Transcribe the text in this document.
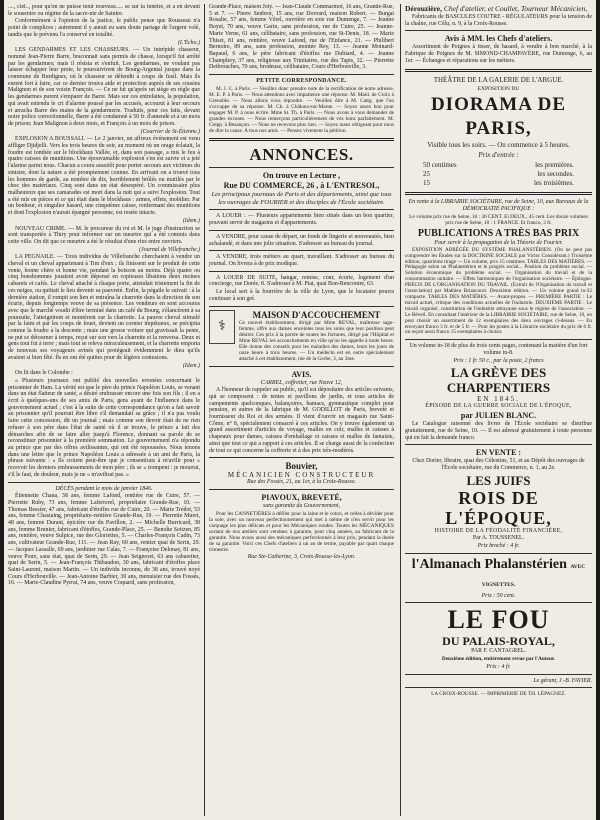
...., ciel.., pour qu'on ne puisse tenir nouveau..... se sur la fenêtre, et a en devant le sousentre ou régime de la sacre-nie de Saintre.

Conformément à l'opinion de la justice, le public pense que Rousseau n'a point de complices ; autrement il y aurait eu sans doute partage de l'argent volé, tandis que le prévenu l'a conservé en totalité.

(L'Écho.)

LES GENDARMES ET LES CHASSEURS. — Un intrépide chasseur, nommé Jean-Pierre Barre, braconnait sans permis de chasse, lorsqu'il fut arrêté par les gendarmes; mais il résista et s'enfuit. Les gendarmes, ne voulant pas laisser échapper leur proie, le poursuivirent de Bourg-Argental jusque dans la commune de Burdignes, où le chasseur se défendit à coups de fusil. Mais ils eurent fort à faire, car ce dernier trouva aide et protection auprès de ses cousins Malignon et de son voisin François. — Ce ne fut qu'après un siège en règle que les gendarmes purent s'emparer de Barre. Mais sur ces entrefaites, la population, qui avait entendu le cri d'alarme poussé par les accusés, accourut à leur secours et arracha Barre des mains de la gendarmerie. Traduits, pour ces faits, devant notre police correctionnelle, Barre a été condamné à 50 fr. d'amende et à un mois de prison; Jean Malignon à deux mois, et François à un mois de prison.

(Courrier de St-Étienne.)

EXPLOSION A BOUSSALI. — Le 2 janvier, un affreux événement est venu affliger Djidjelli. Vers les trois heures du soir, au moment où un orage éclatait, la foudre est tombée sur le blockhaus Vallée, et, dans son passage, a mis le feu à quatre caisses de munitions. Une épouvantable explosion s'en est suivie et a jeté l'alarme parmi nous. Chacun a couru aussitôt pour porter secours aux victimes du sinistre, dont la nature a été promptement connue. En arrivant on a trouvé tous les hommes de garde, au nombre de dix, horriblement brûlés ou mutilés par le choc des matériaux. Cinq sont dans un état désespéré. Un commissaire plus malheureux que ses camarades est mort dans la nuit qui a suivi l'explosion. Tout a été mis en pièces et ce qui était dans le blockhaus : armes, effets, mobilier. Par un bonheur, et singulier hasard, une cinquième caisse, renfermant des munitions et dont l'explosion n'aurait épargné personne, est restée intacte.

(Idem.)

NOUVEAU CRIME. — M. le procureur du roi et M. le juge d'instruction se sont transportés à Thiry pour informer sur un meurtre qui a été commis dans cette ville. On dit que ce meurtre a été le résultat d'une rixe entre ouvriers.

(Journal de Villefranche.)

LA PEGNAILE. — Trois individus de Villefranche cherchaient à vendre un cheval et un cheval appartenant à Tim d'eux ; ils finissent sur le produit de cette vente, bonne chère et bonne vie, pendant la boisson au moins. Déjà quatre ou cinq bonshommes jouaient avoir dépensé en copieuses libations deux moines cabarets et cafés. Le cheval attaché à chaque porte, attendait tristement la fin de ces neiges, ou quittait le lieu devenir sa pauvreté. Enfin, la pégaile le suivait : à la dernière station, il rompit son lien et entraîna la charrette dans la direction de son écurie, depuis longtemps veuve de sa présence. Les vendeurs en sont accourus avec que le marché voudit d'être terminé dans un café du Bourg, s'élancèrent à sa poursuite, l'atteignirent et montèrent sur la charrette. La pauvre cheval stimulé par la faim et par les coups de fouet, devient un cornier impétueux, se précipita comme la foudre à la descente ; mais une grosse voiture qui gravissait la pente, ne put se détourner à temps, reçut sur son vers la charrette et la renversa. Deux et gens tout fut à terre ; mais tout se releva miraculeusement, et la charrette emporta de nouveau ses voyageurs avinés qui protégeait évidemment le dieu qu'ils avaient si bien fêté. Ils en ont été quittes pour de légères contusions.

(Idem.)

On lit dans le Colombe :

« Plusieurs journaux ont publié des nouvelles erronées concernant le prisonnier de Ham. La vérité est que le père du prince Napoléon Louis, se venant dans un état flatteur de santé, a désiré embrasser encore une fois son fils ; il en a écrit à quelques-uns de ses amis de Paris, gens ayant de l'influence dans le gouvernement actuel ; c'est à la suite de cette correspondance qu'on a fait savoir au prisonnier qu'il pourrait être libre s'il demandait sa grâce ; il n'a pas voulu faire cette concession, dit un journal ; mais comme son devoir était de ne rien refuser à son père dans l'état de santé où il se trouve, le prince a fait des démarches afin de se faire aller jusqu'à Florence, donnant sa parole de se reconstituer prisonnier à la première sommation. Le gouvernement n'a répondu au prince que par des offres avilissantes, qui ont été repoussées. Nous tenons dans une lettre que le prince Napoléon Louis a adressée à un ami de Paris, la phrase suivante : « Ils croient peut-être que je consentirais à m'avilir pour « recevoir les derniers embrassements de mon père ; ils se « trompent : je mourrai, s'il le faut, de douleur, mais je ne « m'avilirai pas. »

DÉCÈS pendant le mois de janvier 1846.

Étiennette Chana, 38 ans, femme Lafond, rentière rue de Cuire, 57. — Pierrette Ruby, 73 ans, femme Laferrerel, propriétaire Grande-Rue, 10. — Thomas Bessier, 47 ans, fabricant d'étoffes rue de Cuire, 20. — Marie Trédot, 53 ans, femme Chastaing, propriétaire-rentière Grande-Rue, 19. — Pierrette Muret, 48 ans, femme Durant, épicière rue du Pavillon, 2. — Michelle Burricard, 38 ans, femme Brunier, fabricant d'étoffes, Grande-Place, 25. — Benoîte Seitzen, 85 ans, rentière, veuve Sulpice, rue des Gloriettes, 5. — Charles-François Cadin, 73 ans, cultivateur Grande-Rue, 111. — Jean Ray, 60 ans, rentier quai de Serin, 29. — Jacques Lassalle, 69 ans, jardinier rue Calas, 7. — Françoise Delonay, 81 ans, veuve Poux, sans état, quai de Serin, 29. — Jean Seignoret, 63 ans cabaretier, quai de Serin, 5. — Jean-François Thibaudon, 30 ans, fabricant d'étoffes place Saint-Laurent, maison Martin. — Un individu inconnu, de 38 ans, trouvé noyé Cours d'Herbouville. — Jean-Antoine Barbier, 30 ans, menuisier rue des Fossés, 16. — Marie-Claudine Pyrrat, 74 ans, veuve Coquard, sans profession,

Grande-Place, maison Joly. — Jean-Claude Commarmot, 16 ans, Grande-Rue, 5 et 7. — Pierre Senbrot, 15 ans, rue Dovrard, maison Robert. — Burgat Rosalie, 57 ans, femme Vérel, ouvrière en soie rue Dumenge, 7. — Jeanne Boyet, 70 ans, veuve Garin, sans profession, rue de Cuire, 25. — Jeanne-Marie Verne, 61 ans, célibataire, sans profession, rue St-Denis, 18. — Marie Thiset, 81 ans, rentière, veuve Lafond, rue de l'Enfance, 21. — Philibert Bernoire, 89 ans, sans profession, montée Rey, 13. — Jeanne Moinard-Bapaud, 6 ans, le père fabricant d'étoffes rue Dubiard, 4. — Jeanne Champlery, 37 ans, religieuse aux Trinitaires, rue des Tapis, 32. — Pierrette Detbrouches, 70 ans, brodeuse, célibataire, Cours d'Herbouville, 3.

PETITE CORRESPONDANCE.

M. J. C. à Paris. — Veuillez donc prendre note de la rectification de notre adresse. M. E. P. à Paris. — Nous attendons avec impatience une réponse. M. Maid. de Croix à Grenoble. — Nous allons vous répondre. — Veuillez dire à M. Cattg. que l'on s'occuppe de sa réponse. M. Ch. à Châlons-sur-Marne. — Soyez assez bon pour engager M. P. à nous écrire. Mme St. Th. à Paris. — Nous avons à vous demander de grandes excuses. — Nous remerçons particulièrement de vos bons parfaitement. M. Crepp. à Besançon. — Nous ne recevons plus rien. — Soyez assez obligeant pour nous de dire la cause. A tous nos amis. — Pensez vivement la pétition.

ANNONCES.
On trouve en Lecture ,
Rue DU COMMERCE, 26 , à L'ENTRESOL,

Les principaux journaux de Paris et des départements, ainsi que tous les ouvrages de FOURIER et des disciples de l'École sociétaire.

A LOUER : — Plusieurs appartements bien situés dans un bon quartier, pouvant servir de magasins et d'appartements.

A VENDRE, pour cause de départ, un fonds de lingerie et nouveautés, bien achalandé, et dans une jolie situation. S'adresser au bureau du journal.

A VENDRE, trois métiers au quart, travaillant. S'adresser au bureau du journal. On livrera à de prix modique.

A LOUER DE SUITE, hangar, remise, cour, écurie, logement d'un concierge, rue Dorée, 8. S'adresser à M. Piat, quai Bon-Rencontre, 63.

Le local sert à la fourrière de la ville de Lyon, que le locataire pourra continuer à son gré.

⚕
MAISON D'ACCOUCHEMENT

Ce nouvel établissement, dirigé par Mme REVAL, maîtresse sage-femme, offre aux dames enceintes tous les soins que leur position peut désirer. Ces prix à la portée de toutes les fortunes, dirigé par l'Hôpital et Mme REVAL les accouchements en ville qu'on les appelle à toute heure. Elle donne des conseils pour les maladies des dames, leurs les jours de onze heure à trois heures. — Un médecin est en outre spécialement attaché à cet établissement, rue de la Gerbe, 3, au 3me.

AVIS.

CARREL, coffretier, rue Neuve 12,

A l'honneur de rappeler au public, qu'il est dépositaire des articles suivants, qui se composent : de tentes et pavillons de jardin, et tous articles de campements quelconques, balançoires, hamacs, gymnastique complet pour pension, et autres de la fabrique de M. GODILLOT de Paris, breveté et fournisseur du Roi et des armées. Il vient d'ouvrir un magasin rue Saint-Côme, n° 8, spécialement consacré à ces articles. On y trouve également un grand assortiment d'articles de voyage, malles en cuir, malles et caisses à chapeaux pour dames, caisses d'emballage et caisses et malles de fantaisie, ainsi que tout ce qui a rapport à ces articles. Il se charge aussi de la confection de tout ce qui concerne la coffrerie et à des prix très-modérés.

Bouvier,
MÉCANICIEN CONSTRUCTEUR

Rue des Fossés, 21, au 1er, à la Croix-Rousse.

PIAVOUX, BREVETÉ,

sans garantie du Gouvernement,

Pour les CANNETIÈRES à défiler pour la laine et le coton, et celles à dévider pour la soie, avec un nouveau perfectionnement qui met à même de n'en servir pour les carquage les plus délicats et pour les Mécaniques rondes. Toutes les MÉCANIQUES sortant de nos ateliers sont vendues à garantie, pour cinq années, au fabricant de la garantie. Nous avons aussi des mécaniques perfectionnés à leur prix, pendant la durée de sa garantie. Voici ces Chefs d'ateliers à un an de terme, payable par quart chaque trimestre.

Rue Ste-Catherine, 3, Croix-Rousse-les-Lyon.

Dérouzière, Chef d'atelier, et Coullet, Tourneur Mécanicien,

Fabricants de BASCULES COUTRE - RÉGULATEURS pour la tension de la chaîne, rue Célu, n. 9, à la Croix-Rousse.

Avis à MM. les Chefs d'ateliers.

Assortiment de Poignes à tisser, de hasard, à vendre à bon marché, à la Fabrique de Poignes de M. SIMOND-CHAMPAVÈRE, rue Dumenge, 6, au 1er. — Échanges et réparations sur les métiers.

THÉÂTRE DE LA GALERIE DE L'ARGUE.

EXPOSITION DU

DIORAMA DE PARIS,

Visible tous les soirs. — On commence à 5 heures.

Prix d'entrée :

50 centimes	les premières.
25	les secondes.
15	les troisièmes.

En vente à la LIBRAIRIE SOCIÉTAIRE, rue de Seine, 10, aux Bureaux de la DÉMOCRATIE PACIFIQUE :

Le volume prix rue de Seine, 10 : 30 CENT. El DEUX., 45 cent. Les douze volumes prix rue de Seine, 10 : 1 FRANCE. Et franco, 3 fr.

PUBLICATIONS A TRÈS BAS PRIX

Pour servir à la propagation de la Théorie de Fourier.

EXPOSITION ABRÉGÉE DU SYSTÈME PHALANSTÉRIEN. (On ne peut pas comprendre les Études sur la DOCTRINE SOCIALE par Victor Considérant.) Troisième édition, quatrième tirage — Un volume, prix 15 centimes. TABLES DES MATIÈRES. — Pédagogie selon un Phalanstérien et le progrès social... Position du problème social. — Solution économique du problème social. — Organisation du travail et de la consommation unitaire. — Effets harmoniques de l'organisation sociétaire. — Épilogue. PRÉCIS DE L'ORGANISATION DU TRAVAIL. (Extrait de l'Organisation du travail et l'association) par Mathieu Briancourt. Deuxième édition. — Un volume grand in-32 compacte. TABLES DES MATIÈRES. — Avant-propos. — PREMIÈRE PARTIE : Le travail actuel, critique des conditions actuelles de l'industrie. DEUXIÈME PARTIE : Le travail organisé, constitution de l'industrie attrayante sous le régime de l'association. — Le Réveil. En consultant l'intérieur de la LIBRAIRIE SOCIÉTAIRE, rue de Seine, 10, on peut choisir un assortiment de 12 exemplaires des deux ouvrages ci-dessus. — En envoyant franco 3 fr. et de 5 fr. — Pour les postes à la Librairie sociétaire du prix de 6 fr. on reçoit aussi franco 15 exemplaires à choisir.

Un volume in-18 de plus de trois cents pages, contenant la matière d'un fort volume in-8.

Prix : 1 fr. 50 c., par la poste, 2 francs

LA GRÈVE DES CHARPENTIERS
EN 1845.

ÉPISODE DE LA GUERRE SOCIALE DE L'ÉPOQUE,

par JULIEN BLANC.

Le Catalogue raisonné des livres de l'École sociétaire se distribue gratuitement, rue de Seine, 10. — Il est adressé gratuitement à toute personne qui en fait la demande franco.

EN VENTE :

Chez Dorier, libraire, quai des Célestins, 51, et au Dépôt des ouvrages de l'École sociétaire, rue du Commerce, n. 1, au 2e.

LES JUIFS
ROIS DE L'ÉPOQUE,

HISTOIRE DE LA FÉODALITÉ FINANCIÈRE,

Par A. TOUSSENEL.

Prix broché : 4 fr.

l'Almanach Phalanstérien AVEC VIGNETTES.

Prix : 50 cent.

LE FOU
DU PALAIS-ROYAL,

PAR F. CANTAGREL.

Deuxième édition, entièrement revue par l'Auteur.

Prix : 4 fr.

Le gérant, J.-B. FAVIER.

LA CROIX-ROUSSE. — IMPRIMERIE DE TH. LÉPAGNEZ.
